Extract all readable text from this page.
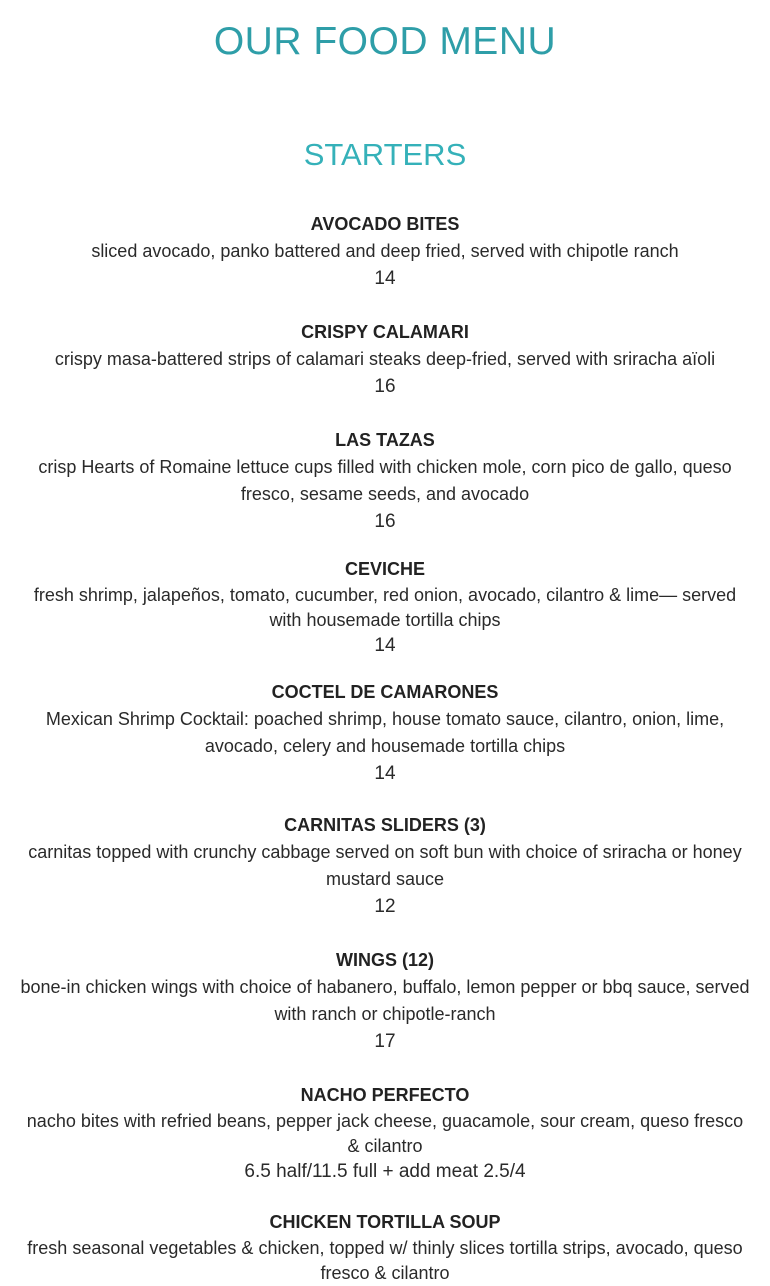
OUR FOOD MENU
STARTERS
AVOCADO BITES
sliced avocado, panko battered and deep fried, served with chipotle ranch
14
CRISPY CALAMARI
crispy masa-battered strips of calamari steaks deep-fried, served with sriracha aïoli
16
LAS TAZAS
crisp Hearts of Romaine lettuce cups filled with chicken mole, corn pico de gallo, queso fresco, sesame seeds, and avocado
16
CEVICHE
fresh shrimp, jalapeños, tomato, cucumber, red onion, avocado, cilantro & lime— served with housemade tortilla chips
14
COCTEL DE CAMARONES
Mexican Shrimp Cocktail: poached shrimp, house tomato sauce, cilantro, onion, lime, avocado, celery and housemade tortilla chips
14
CARNITAS SLIDERS (3)
carnitas topped with crunchy cabbage served on soft bun with choice of sriracha or honey mustard sauce
12
WINGS (12)
bone-in chicken wings with choice of habanero, buffalo, lemon pepper or bbq sauce, served with ranch or chipotle-ranch
17
NACHO PERFECTO
nacho bites with refried beans, pepper jack cheese, guacamole, sour cream, queso fresco & cilantro
6.5 half/11.5 full + add meat 2.5/4
CHICKEN TORTILLA SOUP
fresh seasonal vegetables & chicken, topped w/ thinly slices tortilla strips, avocado, queso fresco & cilantro
